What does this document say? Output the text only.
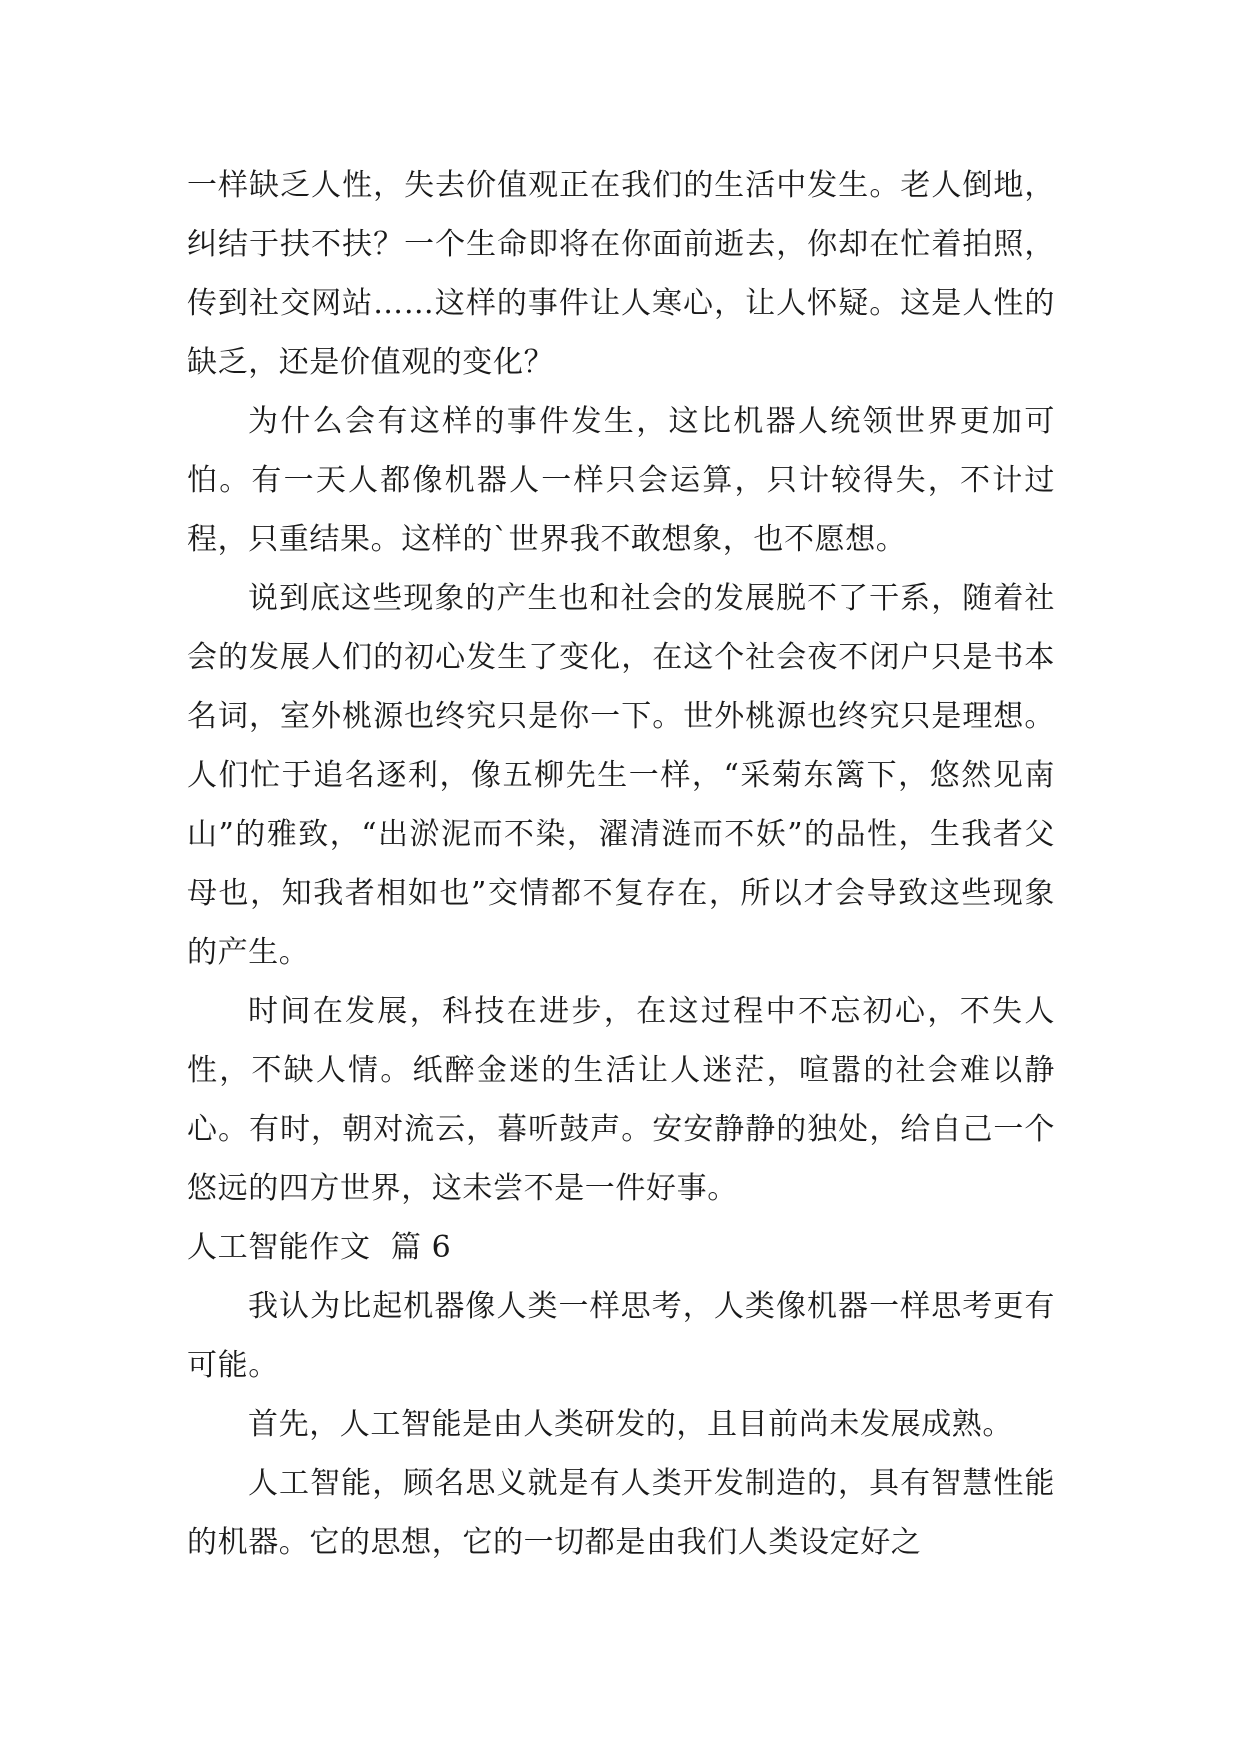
一样缺乏人性，失去价值观正在我们的生活中发生。老人倒地，纠结于扶不扶？一个生命即将在你面前逝去，你却在忙着拍照，传到社交网站……这样的事件让人寒心，让人怀疑。这是人性的缺乏，还是价值观的变化？

为什么会有这样的事件发生，这比机器人统领世界更加可怕。有一天人都像机器人一样只会运算，只计较得失，不计过程，只重结果。这样的`世界我不敢想象，也不愿想。

说到底这些现象的产生也和社会的发展脱不了干系，随着社会的发展人们的初心发生了变化，在这个社会夜不闭户只是书本名词，室外桃源也终究只是你一下。世外桃源也终究只是理想。人们忙于追名逐利，像五柳先生一样，“采菊东篱下，悠然见南山”的雅致，“出淤泥而不染，濯清涟而不妖”的品性，生我者父母也，知我者相如也”交情都不复存在，所以才会导致这些现象的产生。

时间在发展，科技在进步，在这过程中不忘初心，不失人性，不缺人情。纸醉金迷的生活让人迷茫，喧嚣的社会难以静心。有时，朝对流云，暮听鼓声。安安静静的独处，给自己一个悠远的四方世界，这未尝不是一件好事。

人工智能作文  篇 6

我认为比起机器像人类一样思考，人类像机器一样思考更有可能。

首先，人工智能是由人类研发的，且目前尚未发展成熟。

人工智能，顾名思义就是有人类开发制造的，具有智慧性能的机器。它的思想，它的一切都是由我们人类设定好之
